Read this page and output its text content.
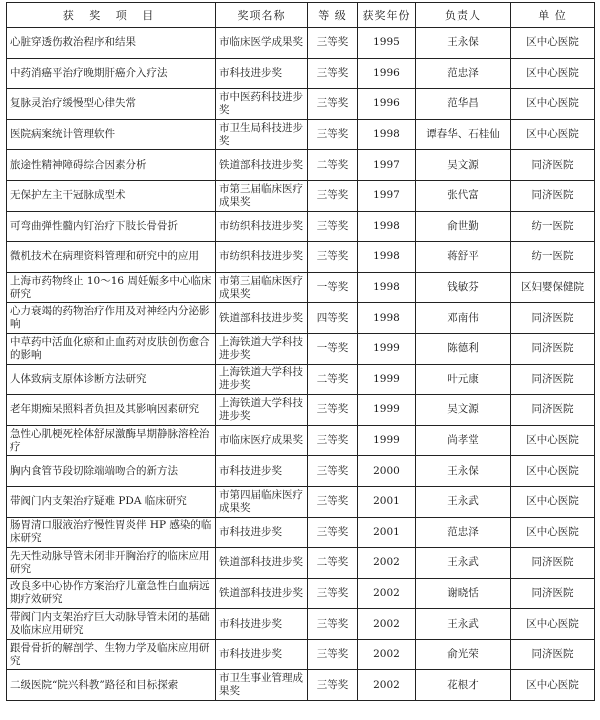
获 奖 项 目	奖项名称	等 级	获奖年份	负责人	单 位
心脏穿透伤救治程序和结果	市临床医学成果奖	三等奖	1995	王永保	区中心医院
中药消癌平治疗晚期肝癌介入疗法	市科技进步奖	三等奖	1996	范忠泽	区中心医院
复脉灵治疗缓慢型心律失常	市中医药科技进步奖	三等奖	1996	范华昌	区中心医院
医院病案统计管理软件	市卫生局科技进步奖	三等奖	1998	谭春华、石桂仙	区中心医院
旅途性精神障碍综合因素分析	铁道部科技进步奖	二等奖	1997	吴文源	同济医院
无保护左主干冠脉成型术	市第三届临床医疗成果奖	三等奖	1997	张代富	同济医院
可弯曲弹性髓内钉治疗下肢长骨骨折	市纺织科技进步奖	三等奖	1998	俞世勤	纺一医院
微机技术在病理资料管理和研究中的应用	市纺织科技进步奖	三等奖	1998	蒋舒平	纺一医院
上海市药物终止 10～16 周妊娠多中心临床研究	市第三届临床医疗成果奖	一等奖	1998	钱敏芬	区妇婴保健院
心力衰竭的药物治疗作用及对神经内分泌影响	铁道部科技进步奖	四等奖	1998	邓南伟	同济医院
中草药中活血化瘀和止血药对皮肤创伤愈合的影响	上海铁道大学科技进步奖	一等奖	1999	陈德利	同济医院
人体致病支原体诊断方法研究	上海铁道大学科技进步奖	二等奖	1999	叶元康	同济医院
老年期痴呆照料者负担及其影响因素研究	上海铁道大学科技进步奖	三等奖	1999	吴文源	同济医院
急性心肌梗死栓体舒尿激酶早期静脉溶栓治疗	市临床医疗成果奖	三等奖	1999	尚孝堂	区中心医院
胸内食管节段切除端端吻合的新方法	市科技进步奖	三等奖	2000	王永保	区中心医院
带阀门内支架治疗疑难 PDA 临床研究	市第四届临床医疗成果奖	三等奖	2001	王永武	区中心医院
肠胃清口服液治疗慢性胃炎伴 HP 感染的临床研究	市科技进步奖	三等奖	2001	范忠泽	区中心医院
先天性动脉导管未闭非开胸治疗的临床应用研究	铁道部科技进步奖	二等奖	2002	王永武	同济医院
改良多中心协作方案治疗儿童急性白血病远期疗效研究	铁道部科技进步奖	三等奖	2002	谢晓恬	同济医院
带阀门内支架治疗巨大动脉导管未闭的基础及临床应用研究	市科技进步奖	三等奖	2002	王永武	区中心医院
跟骨骨折的解剖学、生物力学及临床应用研究	市科技进步奖	三等奖	2002	俞光荣	同济医院
二级医院“院兴科教”路径和目标探索	市卫生事业管理成果奖	三等奖	2002	花根才	区中心医院
